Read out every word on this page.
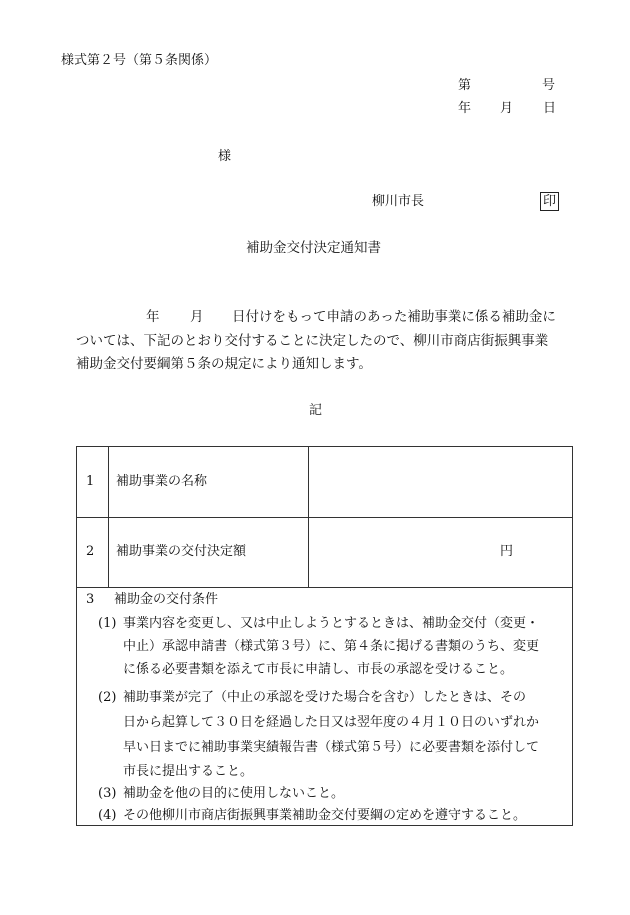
様式第２号（第５条関係）
第	号
年 月 日
様
柳川市長	印
補助金交付決定通知書
年 月 日付けをもって申請のあった補助事業に係る補助金に
ついては、下記のとおり交付することに決定したので、柳川市商店街振興事業
補助金交付要綱第５条の規定により通知します。
記
1 補助事業の名称
2 補助事業の交付決定額	円
3 補助金の交付条件
(1) 事業内容を変更し、又は中止しようとするときは、補助金交付（変更・
中止）承認申請書（様式第３号）に、第４条に掲げる書類のうち、変更
に係る必要書類を添えて市長に申請し、市長の承認を受けること。
(2) 補助事業が完了（中止の承認を受けた場合を含む）したときは、その
日から起算して３０日を経過した日又は翌年度の４月１０日のいずれか
早い日までに補助事業実績報告書（様式第５号）に必要書類を添付して
市長に提出すること。
(3) 補助金を他の目的に使用しないこと。
(4) その他柳川市商店街振興事業補助金交付要綱の定めを遵守すること。
